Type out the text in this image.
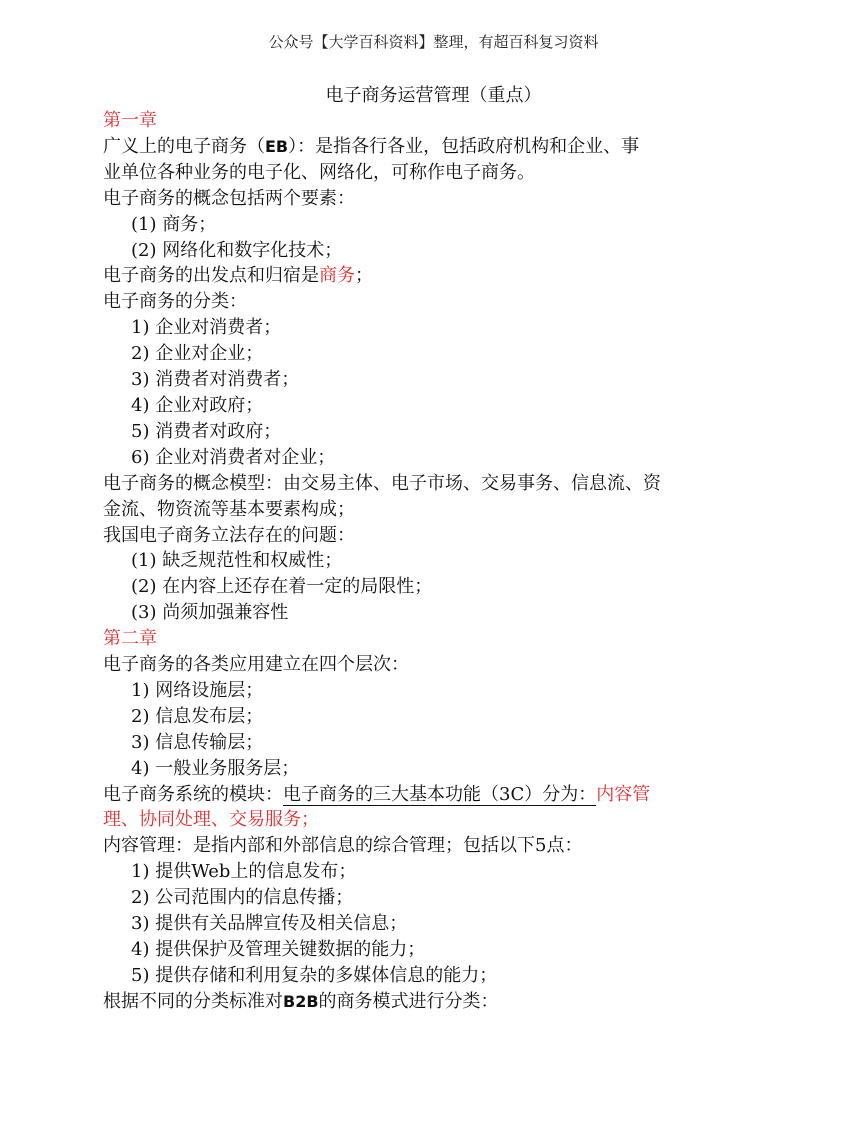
公众号【大学百科资料】整理，有超百科复习资料
电子商务运营管理（重点）
第一章
广义上的电子商务（EB）：是指各行各业，包括政府机构和企业、事
业单位各种业务的电子化、网络化，可称作电子商务。
电子商务的概念包括两个要素：
(1) 商务；
(2) 网络化和数字化技术；
电子商务的出发点和归宿是商务；
电子商务的分类：
1) 企业对消费者；
2) 企业对企业；
3) 消费者对消费者；
4) 企业对政府；
5) 消费者对政府；
6) 企业对消费者对企业；
电子商务的概念模型：由交易主体、电子市场、交易事务、信息流、资
金流、物资流等基本要素构成；
我国电子商务立法存在的问题：
(1) 缺乏规范性和权威性；
(2) 在内容上还存在着一定的局限性；
(3) 尚须加强兼容性
第二章
电子商务的各类应用建立在四个层次：
1) 网络设施层；
2) 信息发布层；
3) 信息传输层；
4) 一般业务服务层；
电子商务系统的模块：电子商务的三大基本功能（3C）分为：内容管
理、协同处理、交易服务；
内容管理：是指内部和外部信息的综合管理；包括以下5点：
1) 提供Web上的信息发布；
2) 公司范围内的信息传播；
3) 提供有关品牌宣传及相关信息；
4) 提供保护及管理关键数据的能力；
5) 提供存储和利用复杂的多媒体信息的能力；
根据不同的分类标准对B2B的商务模式进行分类：
